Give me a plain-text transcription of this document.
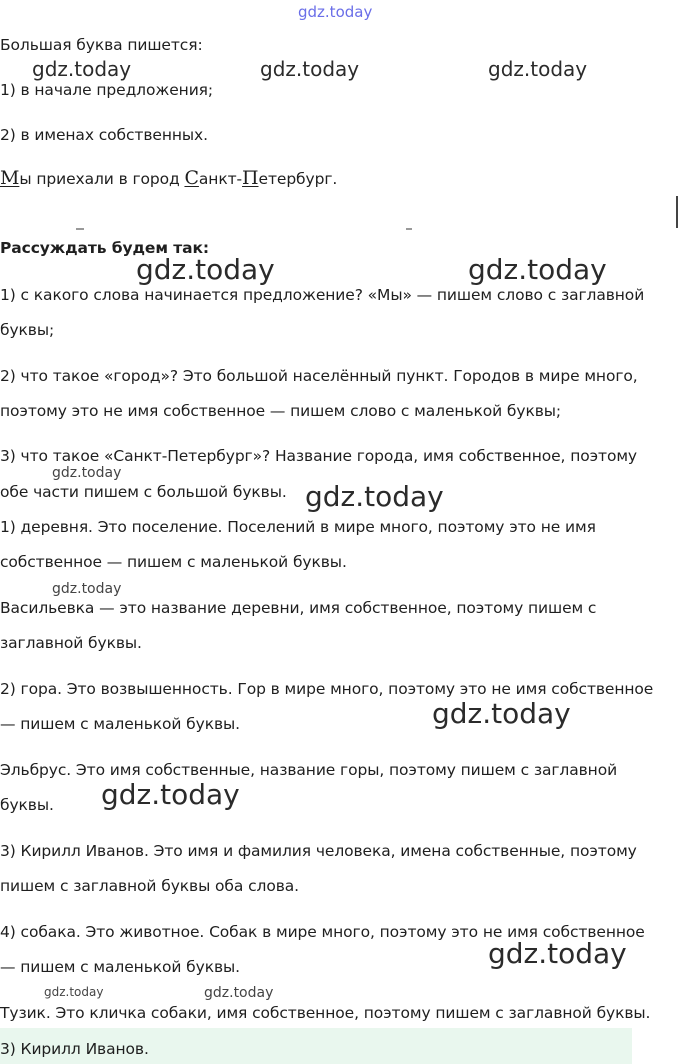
gdz.today
gdz.today	gdz.today	gdz.today
gdz.today	gdz.today
gdz.today
gdz.today
gdz.today
gdz.today
gdz.today
gdz.today
gdz.today	gdz.today
Большая буква пишется:
1) в начале предложения;
2) в именах собственных.
Мы приехали в город Санкт-Петербург.
Рассуждать будем так:
1) с какого слова начинается предложение? «Мы» — пишем слово с заглавной
буквы;
2) что такое «город»? Это большой населённый пункт. Городов в мире много,
поэтому это не имя собственное — пишем слово с маленькой буквы;
3) что такое «Санкт-Петербург»? Название города, имя собственное, поэтому
обе части пишем с большой буквы.
1) деревня. Это поселение. Поселений в мире много, поэтому это не имя
собственное — пишем с маленькой буквы.
Васильевка — это название деревни, имя собственное, поэтому пишем с
заглавной буквы.
2) гора. Это возвышенность. Гор в мире много, поэтому это не имя собственное
— пишем с маленькой буквы.
Эльбрус. Это имя собственные, название горы, поэтому пишем с заглавной
буквы.
3) Кирилл Иванов. Это имя и фамилия человека, имена собственные, поэтому
пишем с заглавной буквы оба слова.
4) собака. Это животное. Собак в мире много, поэтому это не имя собственное
— пишем с маленькой буквы.
Тузик. Это кличка собаки, имя собственное, поэтому пишем с заглавной буквы.
3) Кирилл Иванов.
